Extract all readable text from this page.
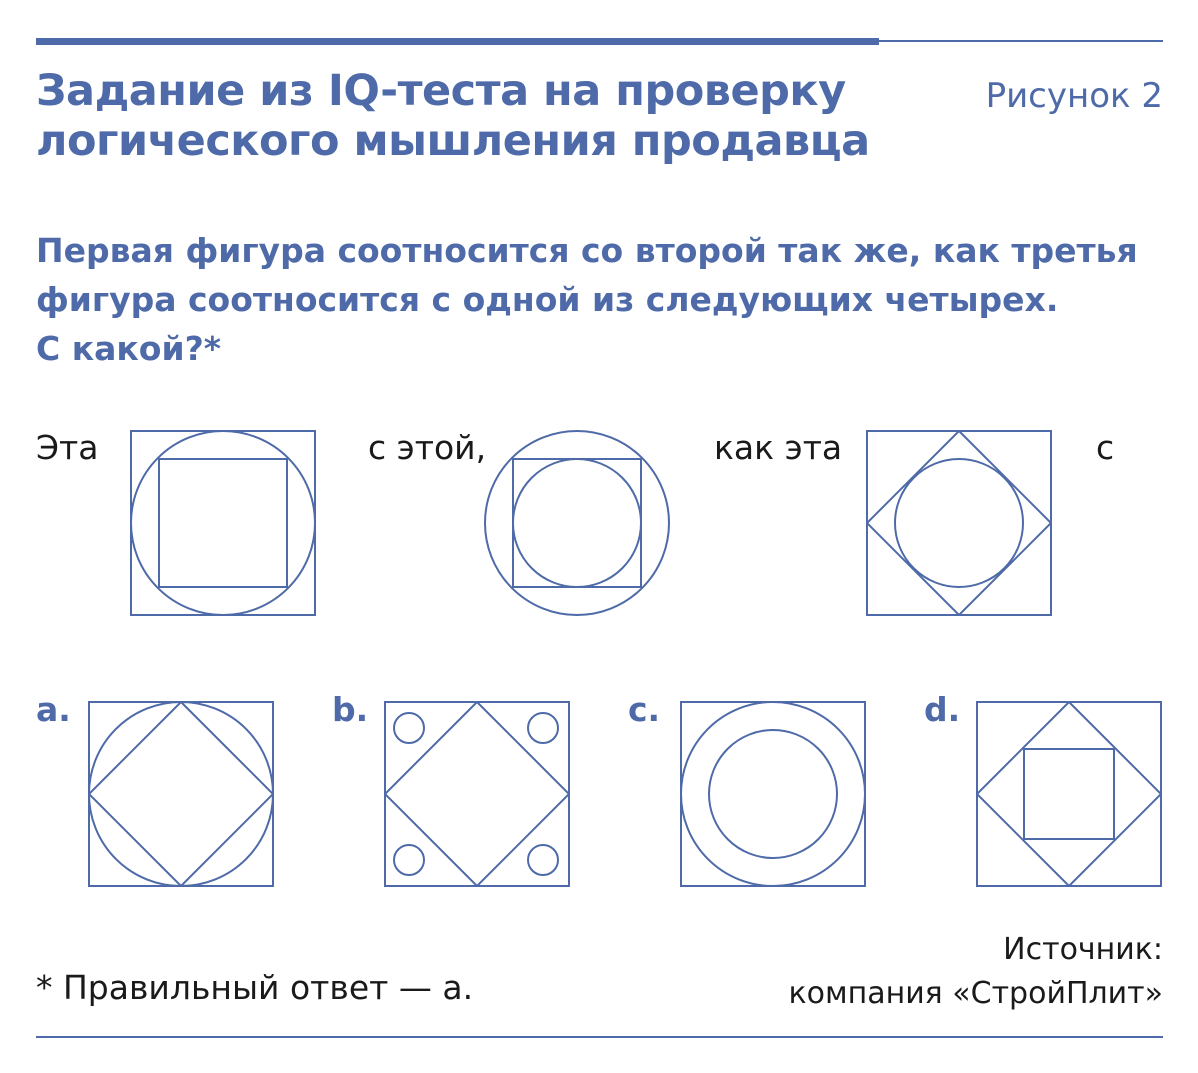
Задание из IQ-теста на проверку
логического мышления продавца
Рисунок 2
Первая фигура соотносится со второй так же, как третья
фигура соотносится с одной из следующих четырех.
С какой?*
Эта	с этой,	как эта	с
a.	b.	c.	d.
* Правильный ответ — а.
Источник:
компания «СтройПлит»
